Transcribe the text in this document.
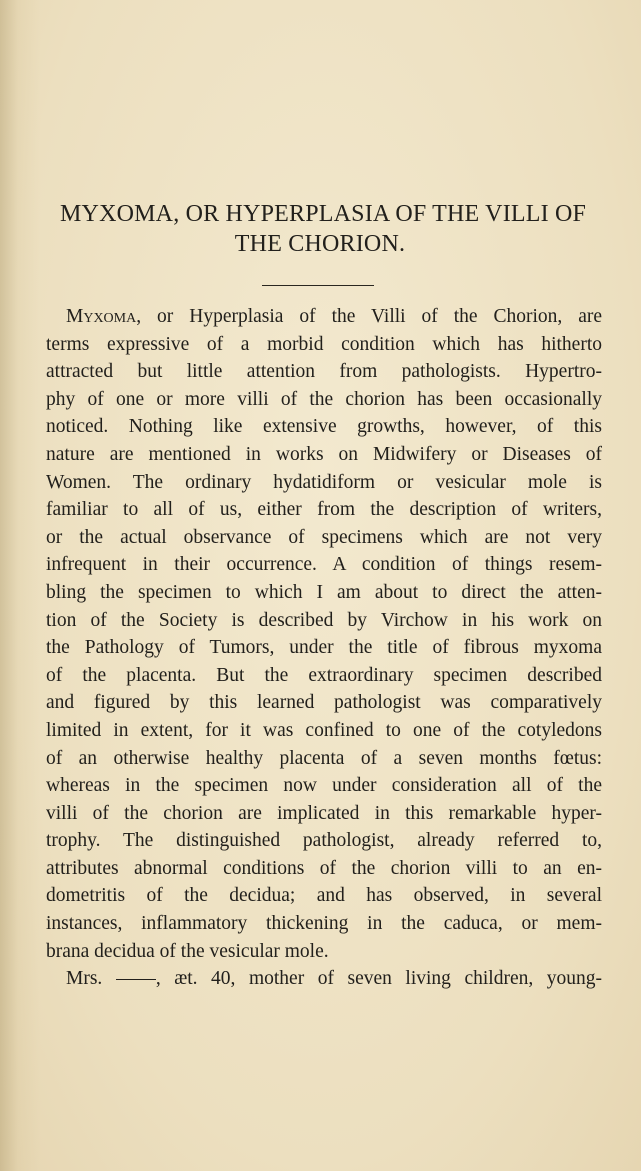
MYXOMA, OR HYPERPLASIA OF THE VILLI OF
THE CHORION.
Myxoma, or Hyperplasia of the Villi of the Chorion, are
terms expressive of a morbid condition which has hitherto
attracted but little attention from pathologists. Hypertro-
phy of one or more villi of the chorion has been occasionally
noticed. Nothing like extensive growths, however, of this
nature are mentioned in works on Midwifery or Diseases of
Women. The ordinary hydatidiform or vesicular mole is
familiar to all of us, either from the description of writers,
or the actual observance of specimens which are not very
infrequent in their occurrence. A condition of things resem-
bling the specimen to which I am about to direct the atten-
tion of the Society is described by Virchow in his work on
the Pathology of Tumors, under the title of fibrous myxoma
of the placenta. But the extraordinary specimen described
and figured by this learned pathologist was comparatively
limited in extent, for it was confined to one of the cotyledons
of an otherwise healthy placenta of a seven months fœtus:
whereas in the specimen now under consideration all of the
villi of the chorion are implicated in this remarkable hyper-
trophy. The distinguished pathologist, already referred to,
attributes abnormal conditions of the chorion villi to an en-
dometritis of the decidua; and has observed, in several
instances, inflammatory thickening in the caduca, or mem-
brana decidua of the vesicular mole.
Mrs.	, æt. 40, mother of seven living children, young-
